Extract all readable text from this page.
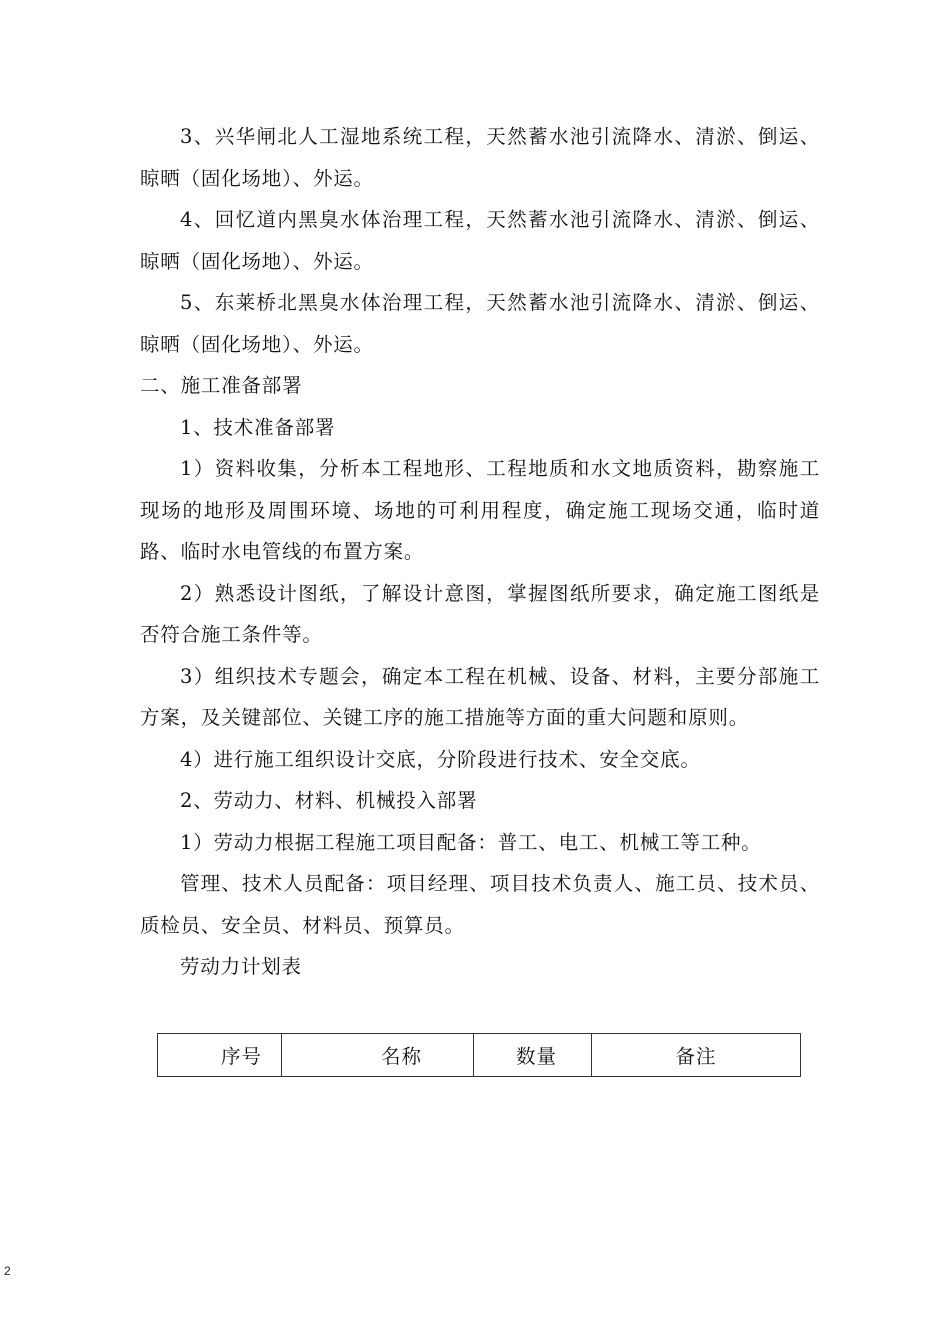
3、兴华闸北人工湿地系统工程，天然蓄水池引流降水、清淤、倒运、晾晒（固化场地）、外运。

4、回忆道内黑臭水体治理工程，天然蓄水池引流降水、清淤、倒运、晾晒（固化场地）、外运。

5、东莱桥北黑臭水体治理工程，天然蓄水池引流降水、清淤、倒运、晾晒（固化场地）、外运。

二、施工准备部署

1、技术准备部署

1）资料收集，分析本工程地形、工程地质和水文地质资料，勘察施工现场的地形及周围环境、场地的可利用程度，确定施工现场交通，临时道路、临时水电管线的布置方案。

2）熟悉设计图纸，了解设计意图，掌握图纸所要求，确定施工图纸是否符合施工条件等。

3）组织技术专题会，确定本工程在机械、设备、材料，主要分部施工方案，及关键部位、关键工序的施工措施等方面的重大问题和原则。

4）进行施工组织设计交底，分阶段进行技术、安全交底。

2、劳动力、材料、机械投入部署

1）劳动力根据工程施工项目配备：普工、电工、机械工等工种。

管理、技术人员配备：项目经理、项目技术负责人、施工员、技术员、质检员、安全员、材料员、预算员。

劳动力计划表

序号	名称	数量	备注
2
